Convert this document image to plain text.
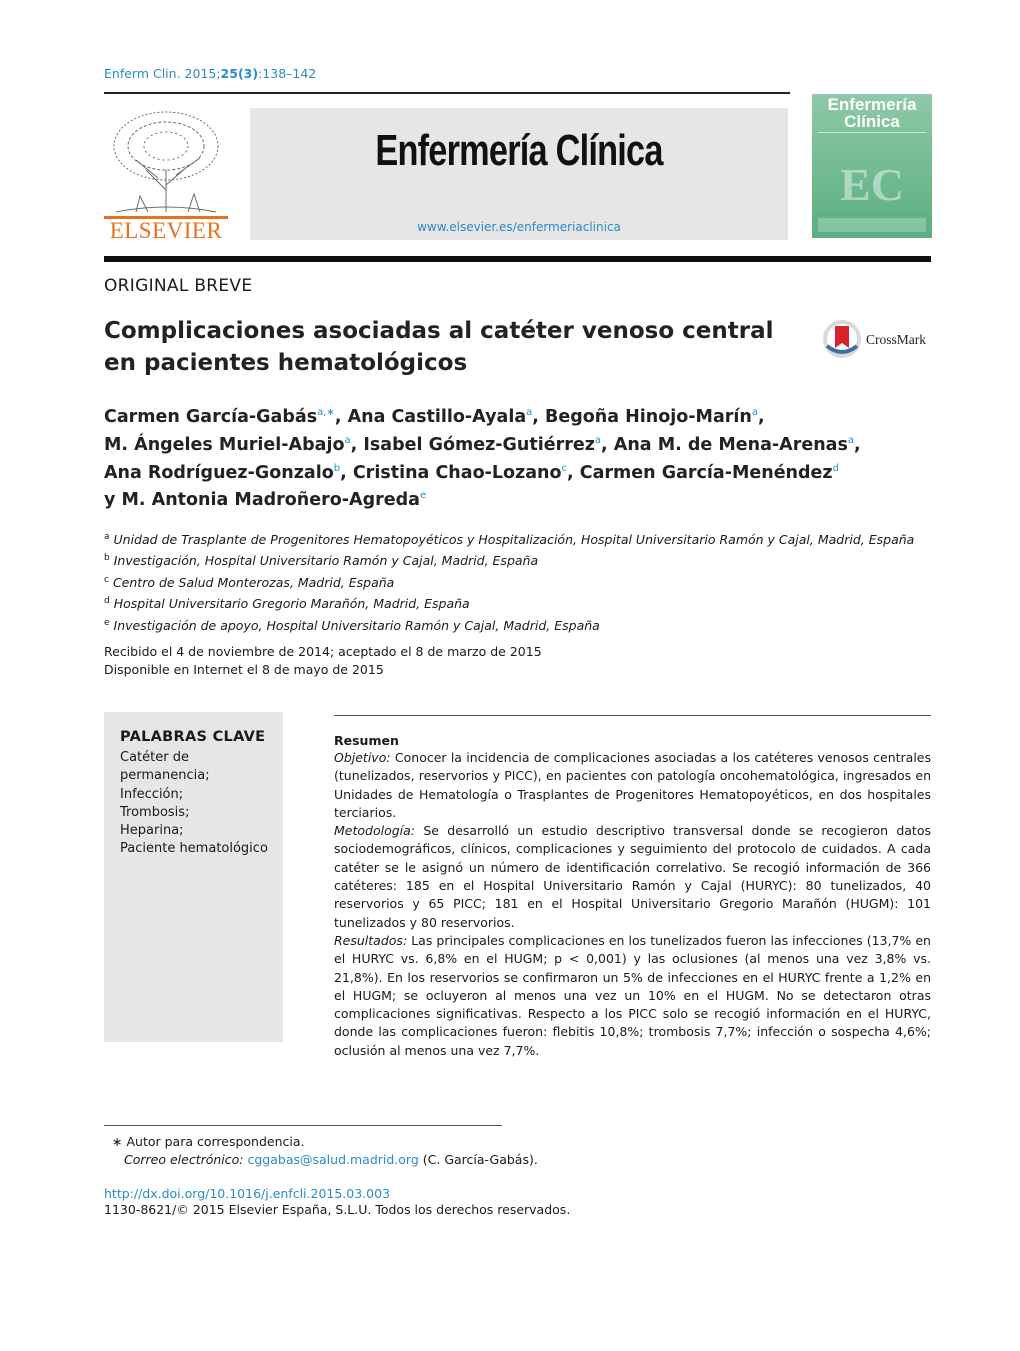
Enferm Clin. 2015;25(3):138–142
ELSEVIER
Enfermería Clínica
www.elsevier.es/enfermeriaclinica
Enfermería
Clínica
EC
ORIGINAL BREVE
Complicaciones asociadas al catéter venoso central en pacientes hematológicos
CrossMark
Carmen García-Gabás$^{a,∗}$, Ana Castillo-Ayala$^a$, Begoña Hinojo-Marín$^a$,
M. Ángeles Muriel-Abajo$^a$, Isabel Gómez-Gutiérrez$^a$, Ana M. de Mena-Arenas$^a$,
Ana Rodríguez-Gonzalo$^b$, Cristina Chao-Lozano$^c$, Carmen García-Menéndez$^d$
y M. Antonia Madroñero-Agreda$^e$
$^a$ Unidad de Trasplante de Progenitores Hematopoyéticos y Hospitalización, Hospital Universitario Ramón y Cajal, Madrid, España
$^b$ Investigación, Hospital Universitario Ramón y Cajal, Madrid, España
$^c$ Centro de Salud Monterozas, Madrid, España
$^d$ Hospital Universitario Gregorio Marañón, Madrid, España
$^e$ Investigación de apoyo, Hospital Universitario Ramón y Cajal, Madrid, España
Recibido el 4 de noviembre de 2014; aceptado el 8 de marzo de 2015
Disponible en Internet el 8 de mayo de 2015
PALABRAS CLAVE
Catéter de permanencia;
Infección;
Trombosis;
Heparina;
Paciente hematológico
Resumen
Objetivo: Conocer la incidencia de complicaciones asociadas a los catéteres venosos centrales (tunelizados, reservorios y PICC), en pacientes con patología oncohematológica, ingresados en Unidades de Hematología o Trasplantes de Progenitores Hematopoyéticos, en dos hospitales terciarios.
Metodología: Se desarrolló un estudio descriptivo transversal donde se recogieron datos sociodemográficos, clínicos, complicaciones y seguimiento del protocolo de cuidados. A cada catéter se le asignó un número de identificación correlativo. Se recogió información de 366 catéteres: 185 en el Hospital Universitario Ramón y Cajal (HURYC): 80 tunelizados, 40 reservorios y 65 PICC; 181 en el Hospital Universitario Gregorio Marañón (HUGM): 101 tunelizados y 80 reservorios.
Resultados: Las principales complicaciones en los tunelizados fueron las infecciones (13,7% en el HURYC vs. 6,8% en el HUGM; p < 0,001) y las oclusiones (al menos una vez 3,8% vs. 21,8%). En los reservorios se confirmaron un 5% de infecciones en el HURYC frente a 1,2% en el HUGM; se ocluyeron al menos una vez un 10% en el HUGM. No se detectaron otras complicaciones significativas. Respecto a los PICC solo se recogió información en el HURYC, donde las complicaciones fueron: flebitis 10,8%; trombosis 7,7%; infección o sospecha 4,6%; oclusión al menos una vez 7,7%.
∗ Autor para correspondencia.
Correo electrónico: cggabas@salud.madrid.org (C. García-Gabás).
http://dx.doi.org/10.1016/j.enfcli.2015.03.003
1130-8621/© 2015 Elsevier España, S.L.U. Todos los derechos reservados.
